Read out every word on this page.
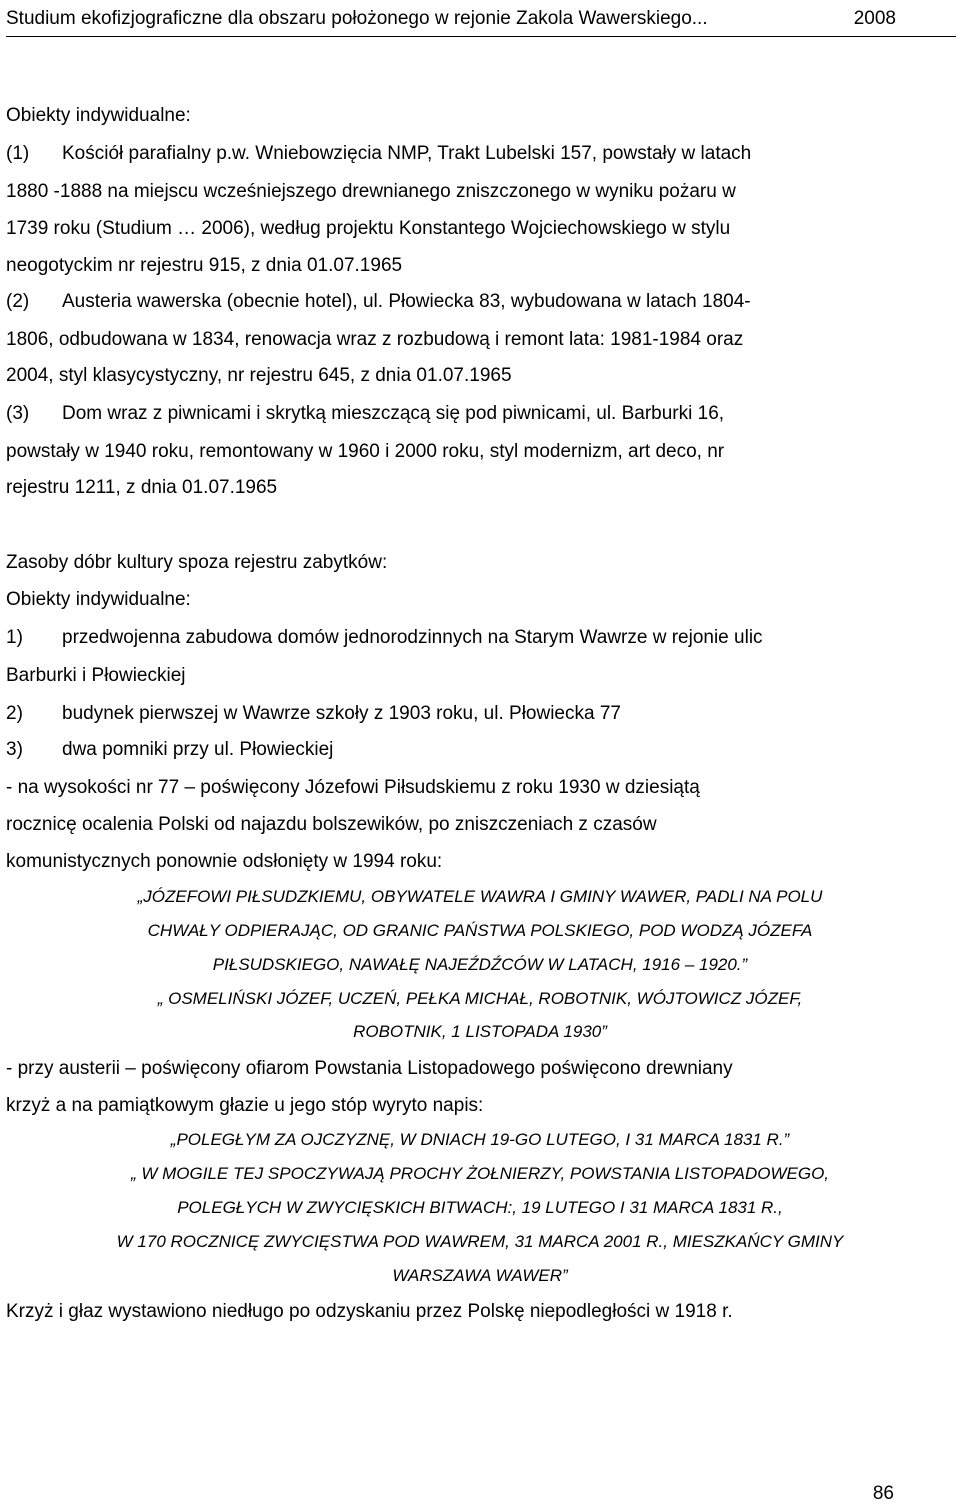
Studium ekofizjograficzne dla obszaru położonego w rejonie Zakola Wawerskiego...	2008
Obiekty indywidualne:
(1) Kościół parafialny p.w. Wniebowzięcia NMP, Trakt Lubelski 157, powstały w latach
1880 -1888 na miejscu wcześniejszego drewnianego zniszczonego w wyniku pożaru w
1739 roku (Studium … 2006), według projektu Konstantego Wojciechowskiego w stylu
neogotyckim nr rejestru 915, z dnia 01.07.1965
(2) Austeria wawerska (obecnie hotel), ul. Płowiecka 83, wybudowana w latach 1804-
1806, odbudowana w 1834, renowacja wraz z rozbudową i remont lata: 1981-1984 oraz
2004, styl klasycystyczny, nr rejestru 645, z dnia 01.07.1965
(3) Dom wraz z piwnicami i skrytką mieszczącą się pod piwnicami, ul. Barburki 16,
powstały w 1940 roku, remontowany w 1960 i 2000 roku, styl modernizm, art deco, nr
rejestru 1211, z dnia 01.07.1965
Zasoby dóbr kultury spoza rejestru zabytków:
Obiekty indywidualne:
1) przedwojenna zabudowa domów jednorodzinnych na Starym Wawrze w rejonie ulic
Barburki i Płowieckiej
2) budynek pierwszej w Wawrze szkoły z 1903 roku, ul. Płowiecka 77
3) dwa pomniki przy ul. Płowieckiej
- na wysokości nr 77 – poświęcony Józefowi Piłsudskiemu z roku 1930 w dziesiątą
rocznicę ocalenia Polski od najazdu bolszewików, po zniszczeniach z czasów
komunistycznych ponownie odsłonięty w 1994 roku:
„JÓZEFOWI PIŁSUDZKIEMU, OBYWATELE WAWRA I GMINY WAWER, PADLI NA POLU
CHWAŁY ODPIERAJĄC, OD GRANIC PAŃSTWA POLSKIEGO, POD WODZĄ JÓZEFA
PIŁSUDSKIEGO, NAWAŁĘ NAJEŹDŹCÓW W LATACH, 1916 – 1920.”
„ OSMELIŃSKI JÓZEF, UCZEŃ, PEŁKA MICHAŁ, ROBOTNIK, WÓJTOWICZ JÓZEF,
ROBOTNIK, 1 LISTOPADA 1930”
- przy austerii – poświęcony ofiarom Powstania Listopadowego poświęcono drewniany
krzyż a na pamiątkowym głazie u jego stóp wyryto napis:
„POLEGŁYM ZA OJCZYZNĘ, W DNIACH 19-GO LUTEGO, I 31 MARCA 1831 R.”
„ W MOGILE TEJ SPOCZYWAJĄ PROCHY ŻOŁNIERZY, POWSTANIA LISTOPADOWEGO,
POLEGŁYCH W ZWYCIĘSKICH BITWACH:, 19 LUTEGO I 31 MARCA 1831 R.,
W 170 ROCZNICĘ ZWYCIĘSTWA POD WAWREM, 31 MARCA 2001 R., MIESZKAŃCY GMINY
WARSZAWA WAWER”
Krzyż i głaz wystawiono niedługo po odzyskaniu przez Polskę niepodległości w 1918 r.
86
